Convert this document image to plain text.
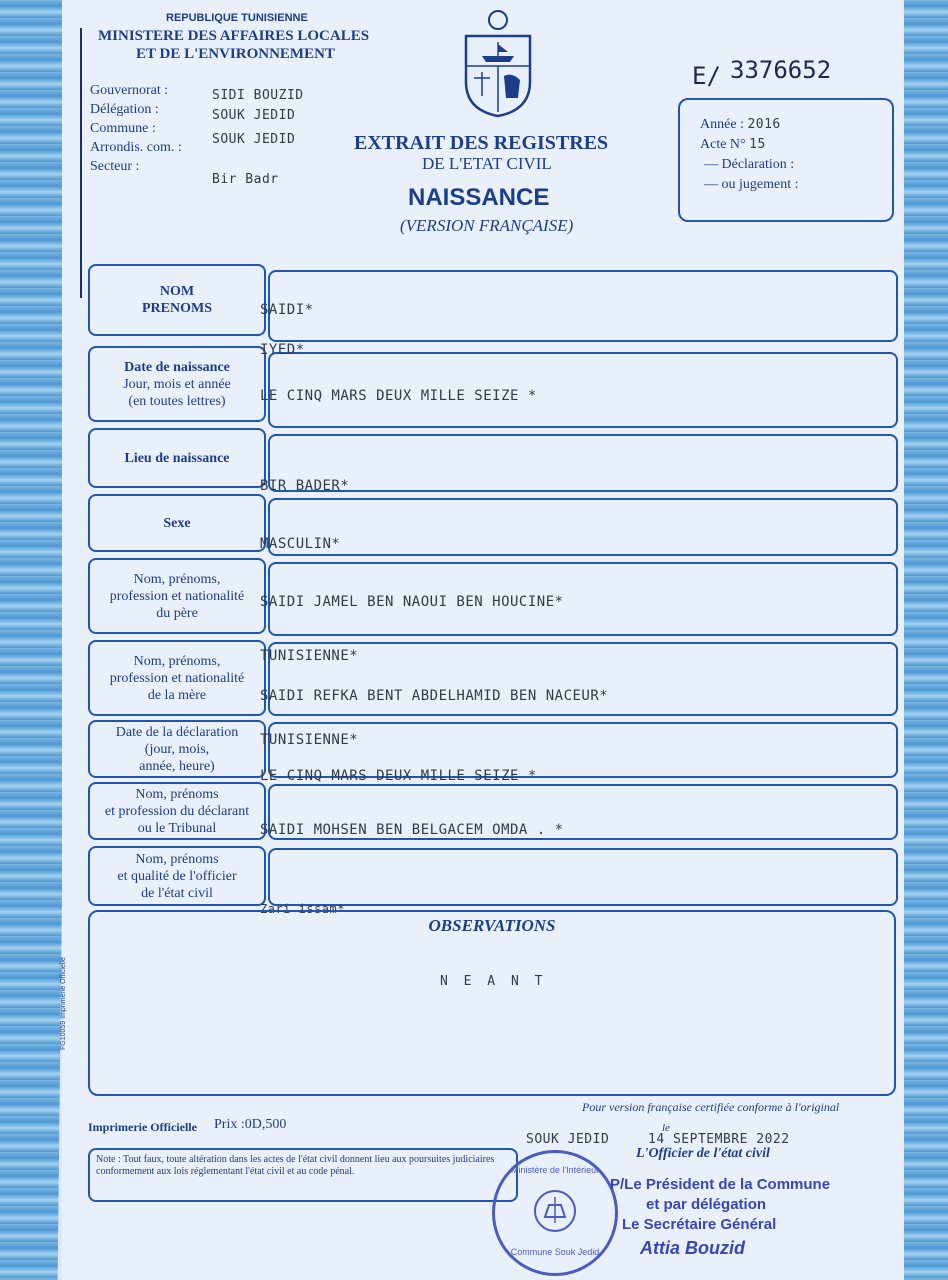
REPUBLIQUE TUNISIENNE
MINISTERE DES AFFAIRES LOCALES
ET DE L'ENVIRONNEMENT
Gouvernorat :
Délégation :
Commune :
Arrondis. com. :
Secteur :
SIDI BOUZID
SOUK JEDID
SOUK JEDID
Bir Badr
E/ 3376652
EXTRAIT DES REGISTRES
DE L'ETAT CIVIL
NAISSANCE
(VERSION FRANÇAISE)
Année : 2016
Acte N° 15
— Déclaration :
— ou jugement :
NOM
PRENOMS
Date de naissance
Jour, mois et année
(en toutes lettres)
Lieu de naissance
Sexe
Nom, prénoms,
profession et nationalité
du père
Nom, prénoms,
profession et nationalité
de la mère
Date de la déclaration
(jour, mois,
année, heure)
Nom, prénoms
et profession du déclarant
ou le Tribunal
Nom, prénoms
et qualité de l'officier
de l'état civil
SAIDI*
IYED*
LE CINQ MARS DEUX MILLE SEIZE *
BIR BADER*
MASCULIN*
SAIDI JAMEL BEN NAOUI BEN HOUCINE*
TUNISIENNE*
SAIDI REFKA BENT ABDELHAMID BEN NACEUR*
TUNISIENNE*
LE CINQ MARS DEUX MILLE SEIZE *
SAIDI MOHSEN BEN BELGACEM OMDA . *
Zari issam*
OBSERVATIONS
N E A N T
FG10059 Imprimerie Officielle
Pour version française certifiée conforme à l'original
Imprimerie Officielle Prix :0D,500
SOUK JEDID
le
14 SEPTEMBRE 2022
L'Officier de l'état civil
Note : Tout faux, toute altération dans les actes de l'état civil donnent lieu aux poursuites judiciaires conformement aux lois réglementant l'état civil et au code pénal.	Ministère de l'Intérieur
Commune Souk Jedid
P/Le Président de la Commune
et par délégation
Le Secrétaire Général
Attia Bouzid
